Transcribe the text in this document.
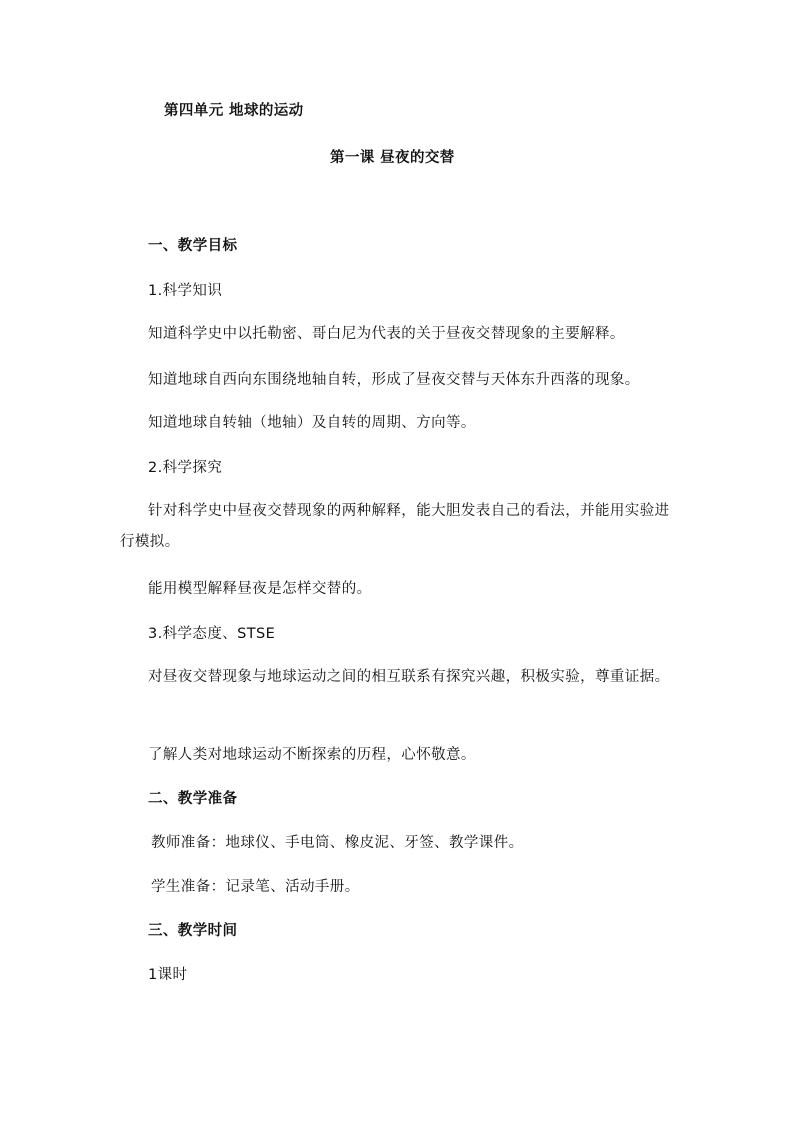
第四单元 地球的运动
第一课 昼夜的交替
一、教学目标
1.科学知识
知道科学史中以托勒密、哥白尼为代表的关于昼夜交替现象的主要解释。
知道地球自西向东围绕地轴自转，形成了昼夜交替与天体东升西落的现象。
知道地球自转轴（地轴）及自转的周期、方向等。
2.科学探究
针对科学史中昼夜交替现象的两种解释，能大胆发表自己的看法，并能用实验进行模拟。
能用模型解释昼夜是怎样交替的。
3.科学态度、STSE
对昼夜交替现象与地球运动之间的相互联系有探究兴趣，积极实验，尊重证据。
了解人类对地球运动不断探索的历程，心怀敬意。
二、教学准备
教师准备：地球仪、手电筒、橡皮泥、牙签、教学课件。
学生准备：记录笔、活动手册。
三、教学时间
1课时
